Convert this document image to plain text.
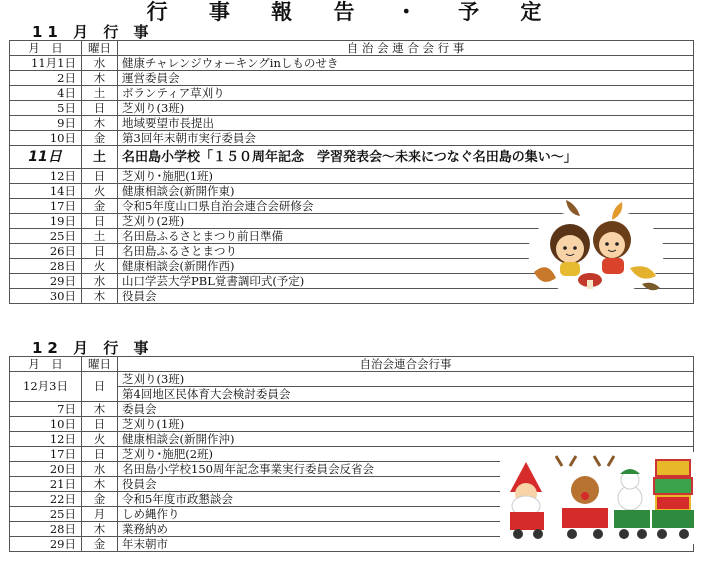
行 事 報 告 ・ 予 定
11 月 行 事
月　日	曜日	自 治 会 連 合 会 行 事
11月1日	水	健康チャレンジウォーキングinしものせき
2日	木	運営委員会
4日	土	ボランティア草刈り
5日	日	芝刈り(3班)
9日	木	地域要望市長提出
10日	金	第3回年末朝市実行委員会
11日	土	名田島小学校「１５０周年記念　学習発表会～未来につなぐ名田島の集い～」
12日	日	芝刈り･施肥(1班)
14日	火	健康相談会(新開作東)
17日	金	令和5年度山口県自治会連合会研修会
19日	日	芝刈り(2班)
25日	土	名田島ふるさとまつり前日準備
26日	日	名田島ふるさとまつり
28日	火	健康相談会(新開作西)
29日	水	山口学芸大学PBL覚書調印式(予定)
30日	木	役員会
12 月 行 事
月　日	曜日	自治会連合会行事
12月3日	日	芝刈り(3班)
		第4回地区民体育大会検討委員会
7日	木	委員会
10日	日	芝刈り(1班)
12日	火	健康相談会(新開作沖)
17日	日	芝刈り･施肥(2班)
20日	水	名田島小学校150周年記念事業実行委員会反省会
21日	木	役員会
22日	金	令和5年度市政懇談会
25日	月	しめ縄作り
28日	木	業務納め
29日	金	年末朝市
